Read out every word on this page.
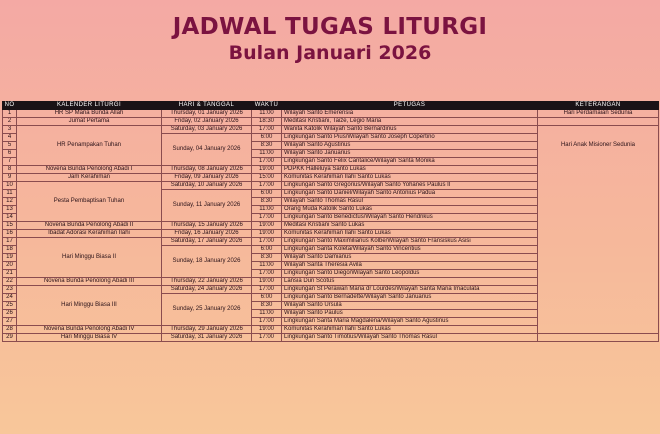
JADWAL TUGAS LITURGI
Bulan Januari 2026
NO	KALENDER LITURGI	HARI & TANGGAL	WAKTU	PETUGAS	KETERANGAN
1	HR SP Maria Bunda Allah	Thursday, 01 January 2026	11:00	Wilayah Santo Emerensia	Hari Perdamaian Sedunia
2	Jumat Pertama	Friday, 02 January 2026	18:30	Meditasi Kristiani, Taize, Legio Maria	
3	HR Penampakan Tuhan	Saturday, 03 January 2026	17:00	Wanita Katolik Wilayah Santo Bernardinus	Hari Anak Misioner Sedunia

4		Sunday, 04 January 2026	6:00	Lingkungan Santo Pius/Wilayah Santo Joseph Copertino	
5			8:30	Wilayah Santo Agustinus	
6			11:00	Wilayah Santo Januarius	
7			17:00	Lingkungan Santo Felix Cantalice/Wilayah Santa Monika	
8	Novena Bunda Penolong Abadi I	Thursday, 08 January 2026	19:00	PDPKK Halleluya Santo Lukas	
9	Jam Kerahiman	Friday, 09 January 2026	15:00	Komunitas Kerahiman Ilahi Santo Lukas	
10	Pesta Pembaptisan Tuhan	Saturday, 10 January 2026	17:00	Lingkungan Santo Gregorius/Wilayah Santo Yohanes Paulus II	
11		Sunday, 11 January 2026	6:00	Lingkungan Santo Daniel/Wilayah Santo Antonius Padua	
12			8:30	Wilayah Santo Thomas Rasul	
13			11:00	Orang Muda Katolik Santo Lukas	
14			17:00	Lingkungan Santo Benedictus/Wilayah Santo Hendrikus	
15	Novena Bunda Penolong Abadi II	Thursday, 15 January 2026	19:00	Meditasi Kristiani Santo Lukas	
16	Ibadat Adorasi Kerahiman Ilahi	Friday, 16 January 2026	19:00	Komunitas Kerahiman Ilahi Santo Lukas	
17	Hari Minggu Biasa II	Saturday, 17 January 2026	17:00	Lingkungan Santo Maximilianus Kolbe/Wilayah Santo Fransiskus Asisi	
18		Sunday, 18 January 2026	6:00	Lingkungan Santa Koleta/Wilayah Santo Vincentius	
19			8:30	Wilayah Santo Damianus	
20			11:00	Wilayah Santa Theresia Avila	
21			17:00	Lingkungan Santo Diego/Wilayah Santo Leopoldus	
22	Novena Bunda Penolong Abadi III	Thursday, 22 January 2026	19:00	Lansia Dun Scotus	
23	Hari Minggu Biasa III	Saturday, 24 January 2026	17:00	Lingkungan St Perawan Maria dr Lourdes/Wilayah Santa Maria Imaculata	
24		Sunday, 25 January 2026	6:00	Lingkungan Santo Bernadette/Wilayah Santo Januarius	
25			8:30	Wilayah Santo Ursula	
26			11:00	Wilayah Santo Paulus	
27			17:00	Lingkungan Santa Maria Magdalena/Wilayah Santo Agustinus	
28	Novena Bunda Penolong Abadi IV	Thursday, 29 January 2026	19:00	Komunitas Kerahiman Ilahi Santo Lukas	
29	Hari Minggu Biasa IV	Saturday, 31 January 2026	17:00	Lingkungan Santo Timotius/Wilayah Santo Thomas Rasul	
